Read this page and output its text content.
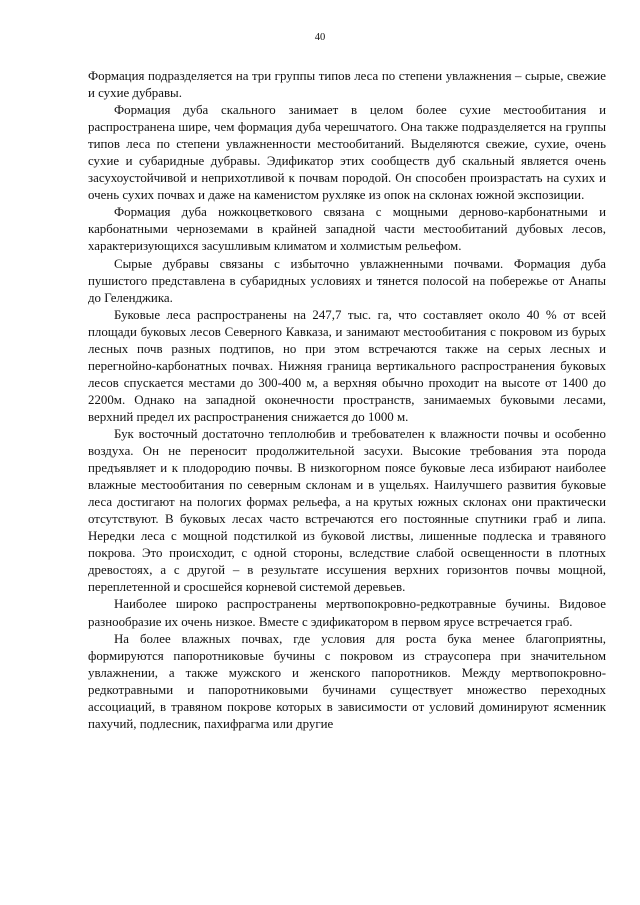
40

Формация подразделяется на три группы типов леса по степени увлажнения – сырые, свежие и сухие дубравы.

Формация дуба скального занимает в целом более сухие местообитания и распространена шире, чем формация дуба черешчатого. Она также подразделяется на группы типов леса по степени увлажненности местообитаний. Выделяются свежие, сухие, очень сухие и субаридные дубравы. Эдификатор этих сообществ дуб скальный является очень засухоустойчивой и неприхотливой к почвам породой. Он способен произрастать на сухих и очень сухих почвах и даже на каменистом рухляке из опок на склонах южной экспозиции.

Формация дуба ножкоцветкового связана с мощными дерново-карбонатными и карбонатными черноземами в крайней западной части местообитаний дубовых лесов, характеризующихся засушливым климатом и холмистым рельефом.

Сырые дубравы связаны с избыточно увлажненными почвами. Формация дуба пушистого представлена в субаридных условиях и тянется полосой на побережье от Анапы до Геленджика.

Буковые леса распространены на 247,7 тыс. га, что составляет около 40 % от всей площади буковых лесов Северного Кавказа, и занимают местообитания с покровом из бурых лесных почв разных подтипов, но при этом встречаются также на серых лесных и перегнойно-карбонатных почвах. Нижняя граница вертикального распространения буковых лесов спускается местами до 300-400 м, а верхняя обычно проходит на высоте от 1400 до 2200м. Однако на западной оконечности пространств, занимаемых буковыми лесами, верхний предел их распространения снижается до 1000 м.

Бук восточный достаточно теплолюбив и требователен к влажности почвы и особенно воздуха. Он не переносит продолжительной засухи. Высокие требования эта порода предъявляет и к плодородию почвы. В низкогорном поясе буковые леса избирают наиболее влажные местообитания по северным склонам и в ущельях. Наилучшего развития буковые леса достигают на пологих формах рельефа, а на крутых южных склонах они практически отсутствуют. В буковых лесах часто встречаются его постоянные спутники граб и липа. Нередки леса с мощной подстилкой из буковой листвы, лишенные подлеска и травяного покрова. Это происходит, с одной стороны, вследствие слабой освещенности в плотных древостоях, а с другой – в результате иссушения верхних горизонтов почвы мощной, переплетенной и сросшейся корневой системой деревьев.

Наиболее широко распространены мертвопокровно-редкотравные бучины. Видовое разнообразие их очень низкое. Вместе с эдификатором в первом ярусе встречается граб.

На более влажных почвах, где условия для роста бука менее благоприятны, формируются папоротниковые бучины с покровом из страусопера при значительном увлажнении, а также мужского и женского папоротников. Между мертвопокровно-редкотравными и папоротниковыми бучинами существует множество переходных ассоциаций, в травяном покрове которых в зависимости от условий доминируют ясменник пахучий, подлесник, пахифрагма или другие
